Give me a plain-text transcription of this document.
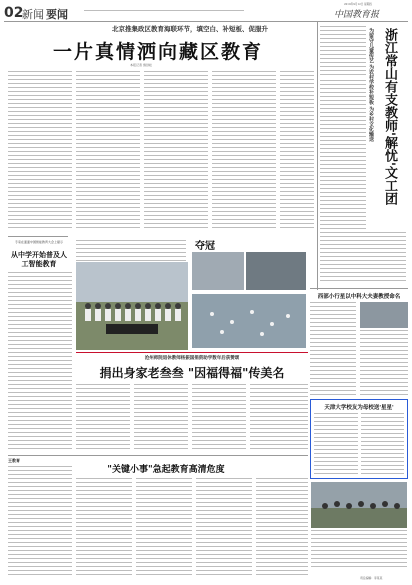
02
新闻 要闻	中国教育报
2019年9月12日 星期四
北京推集政区教育海联环节，填空白、补短板、促服升
一片真情洒向藏区教育
本报记者 施剑松	浙江常山有支教师'解忧'文工团
为留守儿童传艺 为农村学校补短板 为乡村文化输送
专家在面面中国智能教育大会上提示
从中学开始普及人工智能教育
夺冠
西部小行星以中科大夫妻教授命名
沧州师院退休教师杨振国捐资助学数年后获赞颂
捐出身家老叁叁 "因福得福"传美名
天津大学校友为母校送'星星'
王教育
"关键小事"急起教育高清危度
责任编辑：李某某
